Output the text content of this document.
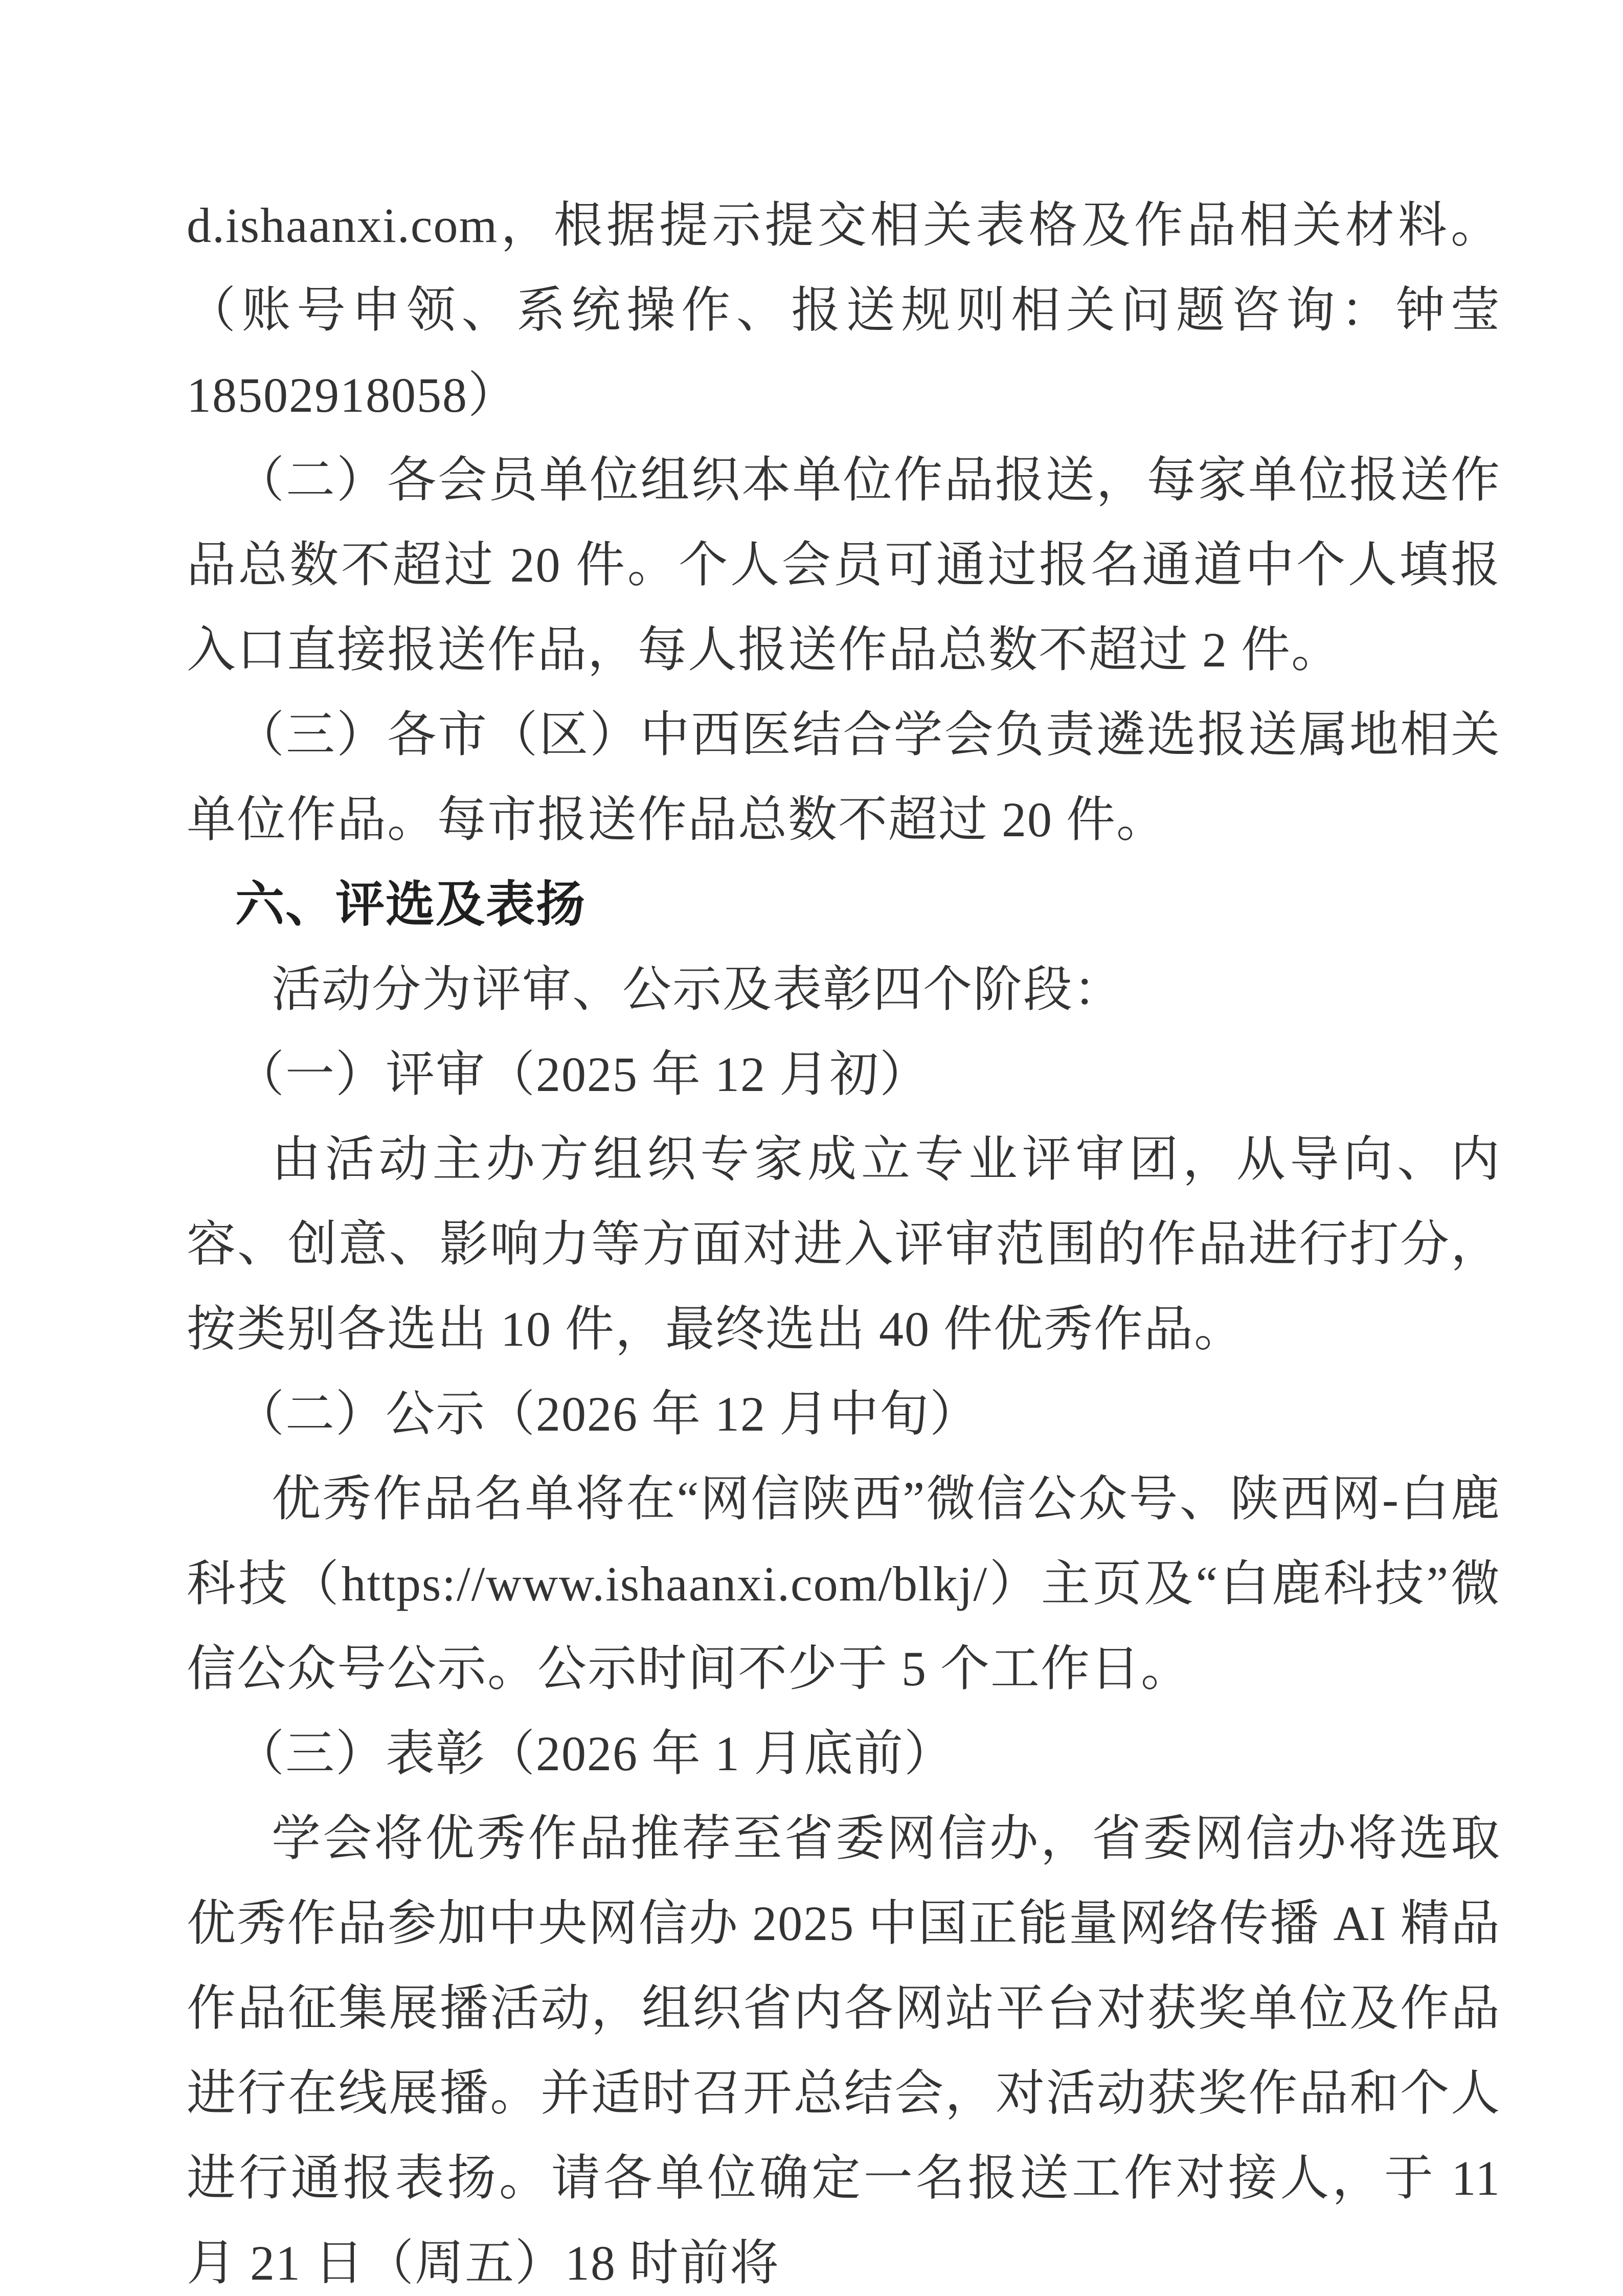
d.ishaanxi.com，根据提示提交相关表格及作品相关材料。（账号申领、系统操作、报送规则相关问题咨询：钟莹 18502918058）

（二）各会员单位组织本单位作品报送，每家单位报送作品总数不超过 20 件。个人会员可通过报名通道中个人填报入口直接报送作品，每人报送作品总数不超过 2 件。

（三）各市（区）中西医结合学会负责遴选报送属地相关单位作品。每市报送作品总数不超过 20 件。

六、评选及表扬

活动分为评审、公示及表彰四个阶段：

（一）评审（2025 年 12 月初）

由活动主办方组织专家成立专业评审团，从导向、内容、创意、影响力等方面对进入评审范围的作品进行打分，按类别各选出 10 件，最终选出 40 件优秀作品。

（二）公示（2026 年 12 月中旬）

优秀作品名单将在“网信陕西”微信公众号、陕西网-白鹿科技（https://www.ishaanxi.com/blkj/）主页及“白鹿科技”微信公众号公示。公示时间不少于 5 个工作日。

（三）表彰（2026 年 1 月底前）

学会将优秀作品推荐至省委网信办，省委网信办将选取优秀作品参加中央网信办 2025 中国正能量网络传播 AI 精品作品征集展播活动，组织省内各网站平台对获奖单位及作品进行在线展播。并适时召开总结会，对活动获奖作品和个人进行通报表扬。请各单位确定一名报送工作对接人，于 11 月 21 日（周五）18 时前将
